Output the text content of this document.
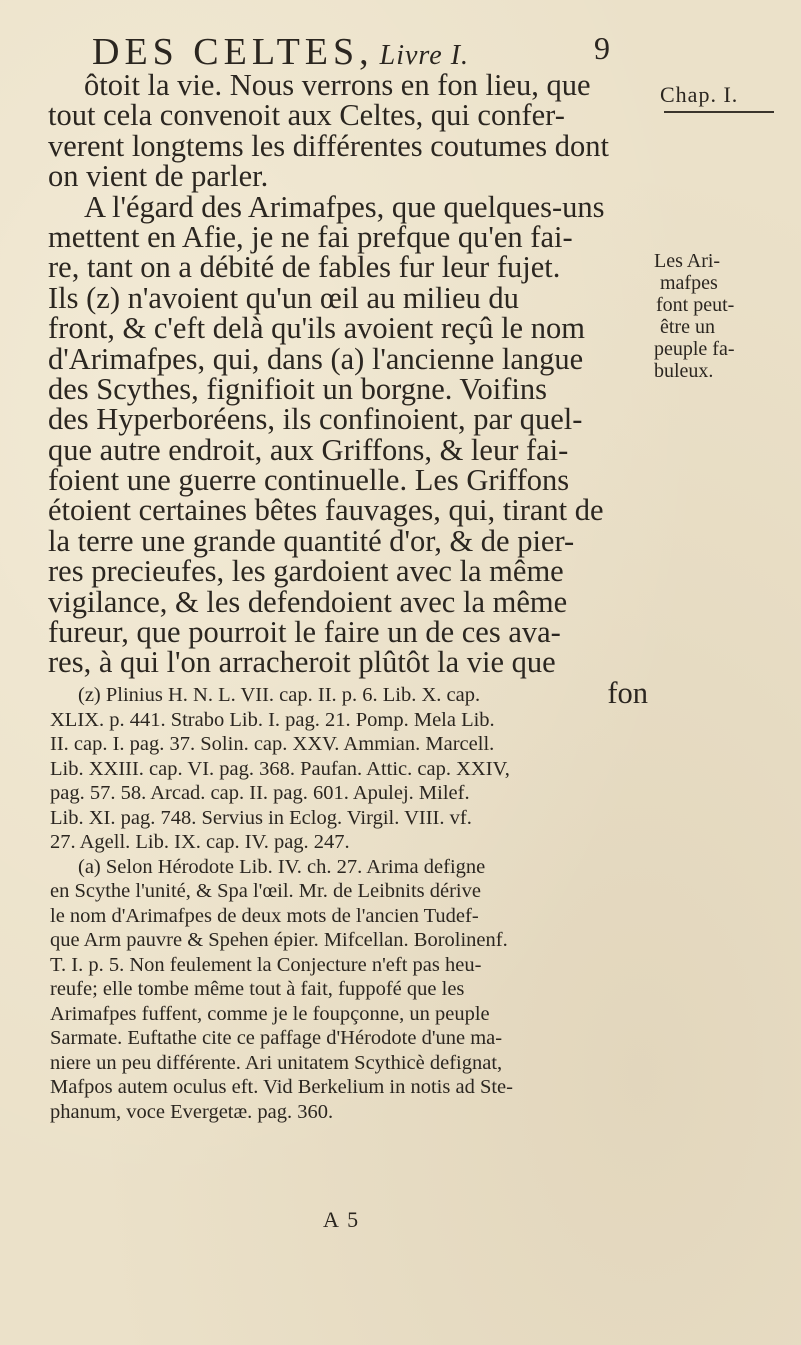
DES CELTES, Livre I.	9
Chap. I.
ôtoit la vie. Nous verrons en fon lieu, que
tout cela convenoit aux Celtes, qui confer-
verent longtems les différentes coutumes dont
on vient de parler.
A l'égard des Arimafpes, que quelques-uns
mettent en Afie, je ne fai prefque qu'en fai-
re, tant on a débité de fables fur leur fujet.
Ils (z) n'avoient qu'un œil au milieu du
front, & c'eft delà qu'ils avoient reçû le nom
d'Arimafpes, qui, dans (a) l'ancienne langue
des Scythes, fignifioit un borgne. Voifins
des Hyperboréens, ils confinoient, par quel-
que autre endroit, aux Griffons, & leur fai-
foient une guerre continuelle. Les Griffons
étoient certaines bêtes fauvages, qui, tirant de
la terre une grande quantité d'or, & de pier-
res precieufes, les gardoient avec la même
vigilance, & les defendoient avec la même
fureur, que pourroit le faire un de ces ava-
res, à qui l'on arracheroit plûtôt la vie que
fon
Les Ari-
mafpes
font peut-
être un
peuple fa-
buleux.
(z) Plinius H. N. L. VII. cap. II. p. 6. Lib. X. cap.
XLIX. p. 441. Strabo Lib. I. pag. 21. Pomp. Mela Lib.
II. cap. I. pag. 37. Solin. cap. XXV. Ammian. Marcell.
Lib. XXIII. cap. VI. pag. 368. Paufan. Attic. cap. XXIV,
pag. 57. 58. Arcad. cap. II. pag. 601. Apulej. Milef.
Lib. XI. pag. 748. Servius in Eclog. Virgil. VIII. vf.
27. Agell. Lib. IX. cap. IV. pag. 247.
(a) Selon Hérodote Lib. IV. ch. 27. Arima defigne
en Scythe l'unité, & Spa l'œil. Mr. de Leibnits dérive
le nom d'Arimafpes de deux mots de l'ancien Tudef-
que Arm pauvre & Spehen épier. Mifcellan. Borolinenf.
T. I. p. 5. Non feulement la Conjecture n'eft pas heu-
reufe; elle tombe même tout à fait, fuppofé que les
Arimafpes fuffent, comme je le foupçonne, un peuple
Sarmate. Euftathe cite ce paffage d'Hérodote d'une ma-
niere un peu différente. Ari unitatem Scythicè defignat,
Mafpos autem oculus eft. Vid Berkelium in notis ad Ste-
phanum, voce Evergetæ. pag. 360.
A 5
